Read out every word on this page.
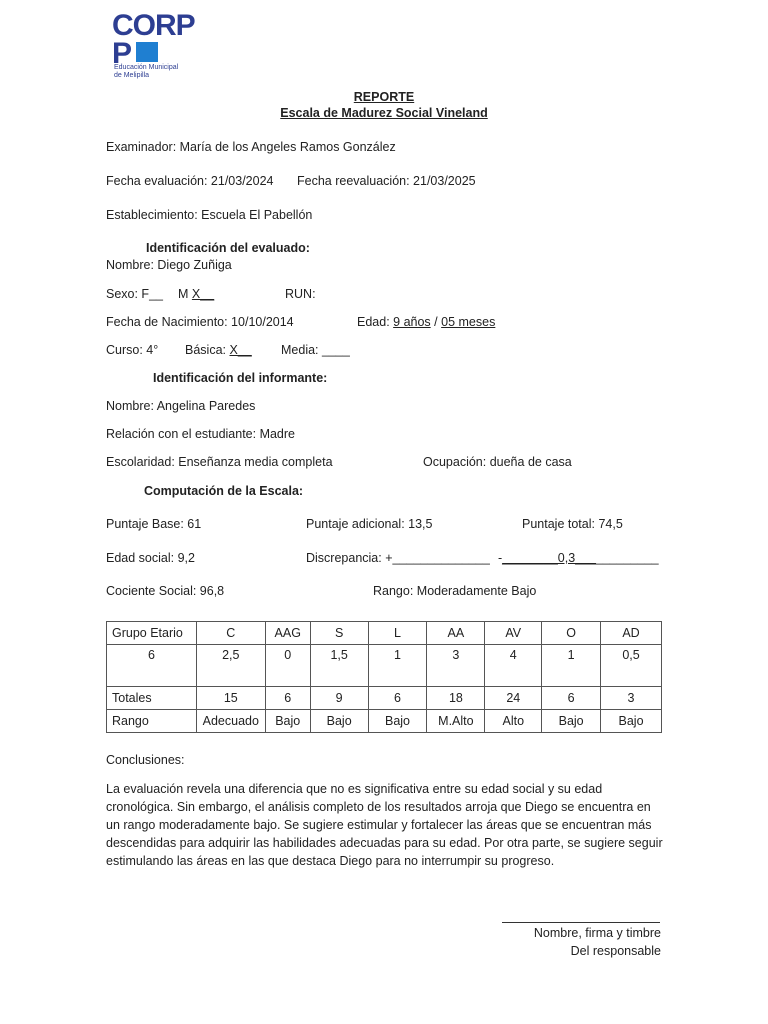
CORP
P
Educación Municipal de Melipilla
REPORTE
Escala de Madurez Social Vineland
Examinador: María de los Angeles Ramos González
Fecha evaluación: 21/03/2024 Fecha reevaluación: 21/03/2025
Establecimiento: Escuela El Pabellón
Identificación del evaluado:
Nombre: Diego Zuñiga
Sexo: F__ M X__	RUN:
Fecha de Nacimiento: 10/10/2014	Edad: 9 años / 05 meses
Curso: 4° Básica: X__ Media: ____
Identificación del informante:
Nombre: Angelina Paredes
Relación con el estudiante: Madre
Escolaridad: Enseñanza media completa	Ocupación: dueña de casa
Computación de la Escala:
Puntaje Base: 61	Puntaje adicional: 13,5	Puntaje total: 74,5
Edad social: 9,2	Discrepancia: +______________ -________0,3____________
Cociente Social: 96,8	Rango: Moderadamente Bajo
Grupo Etario	C	AAG	S	L	AA	AV	O	AD
6	2,5	0	1,5	1	3	4	1	0,5
Totales	15	6	9	6	18	24	6	3
Rango	Adecuado	Bajo	Bajo	Bajo	M.Alto	Alto	Bajo	Bajo
Conclusiones:
La evaluación revela una diferencia que no es significativa entre su edad social y su edad cronológica. Sin embargo, el análisis completo de los resultados arroja que Diego se encuentra en un rango moderadamente bajo. Se sugiere estimular y fortalecer las áreas que se encuentran más descendidas para adquirir las habilidades adecuadas para su edad. Por otra parte, se sugiere seguir estimulando las áreas en las que destaca Diego para no interrumpir su progreso.
Nombre, firma y timbre
Del responsable
